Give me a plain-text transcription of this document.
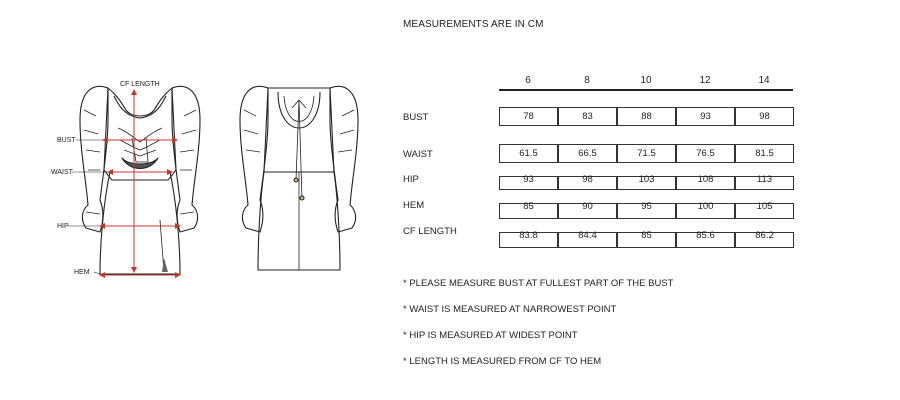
CF LENGTH
BUST
WAIST
HIP
HEM
MEASUREMENTS ARE IN CM
6	8	10	12	14
BUST	78	83	88	93	98
WAIST	61.5	66.5	71.5	76.5	81.5
HIP	93	98	103	108	113
HEM	85	90	95	100	105
CF LENGTH	83.8	84.4	85	85.6	86.2
* PLEASE MEASURE BUST AT FULLEST PART OF THE BUST
* WAIST IS MEASURED AT NARROWEST POINT
* HIP IS MEASURED AT WIDEST POINT
* LENGTH IS MEASURED FROM CF TO HEM
